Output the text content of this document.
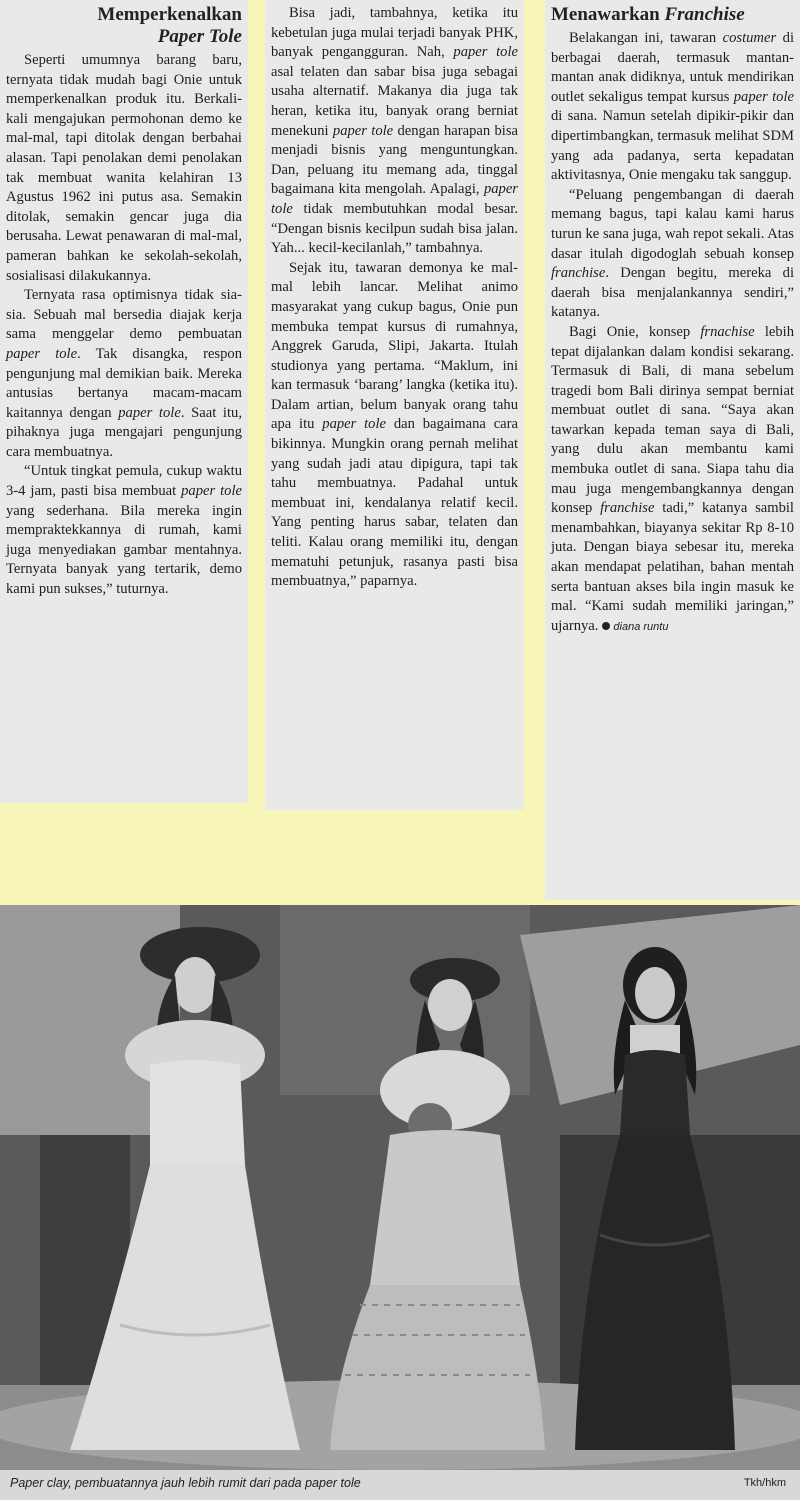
Memperkenalkan
Paper Tole

Seperti umumnya barang baru, ternyata tidak mudah bagi Onie untuk memperkenalkan produk itu. Berkali-kali mengajukan permohonan demo ke mal-mal, tapi ditolak dengan berbahai alasan. Tapi penolakan demi penolakan tak membuat wanita kelahiran 13 Agustus 1962 ini putus asa. Semakin ditolak, semakin gencar juga dia berusaha. Lewat penawaran di mal-mal, pameran bahkan ke sekolah-sekolah, sosialisasi dilakukannya.

Ternyata rasa optimisnya tidak sia-sia. Sebuah mal bersedia diajak kerja sama menggelar demo pembuatan paper tole. Tak disangka, respon pengunjung mal demikian baik. Mereka antusias bertanya macam-macam kaitannya dengan paper tole. Saat itu, pihaknya juga mengajari pengunjung cara membuatnya.

“Untuk tingkat pemula, cukup waktu 3-4 jam, pasti bisa membuat paper tole yang sederhana. Bila mereka ingin mempraktekkannya di rumah, kami juga menyediakan gambar mentahnya. Ternyata banyak yang tertarik, demo kami pun sukses,” tuturnya.

Bisa jadi, tambahnya, ketika itu kebetulan juga mulai terjadi banyak PHK, banyak pengangguran. Nah, paper tole asal telaten dan sabar bisa juga sebagai usaha alternatif. Makanya dia juga tak heran, ketika itu, banyak orang berniat menekuni paper tole dengan harapan bisa menjadi bisnis yang menguntungkan. Dan, peluang itu memang ada, tinggal bagaimana kita mengolah. Apalagi, paper tole tidak membutuhkan modal besar. “Dengan bisnis kecilpun sudah bisa jalan. Yah... kecil-kecilanlah,” tambahnya.

Sejak itu, tawaran demonya ke mal-mal lebih lancar. Melihat animo masyarakat yang cukup bagus, Onie pun membuka tempat kursus di rumahnya, Anggrek Garuda, Slipi, Jakarta. Itulah studionya yang pertama. “Maklum, ini kan termasuk ‘barang’ langka (ketika itu). Dalam artian, belum banyak orang tahu apa itu paper tole dan bagaimana cara bikinnya. Mungkin orang pernah melihat yang sudah jadi atau dipigura, tapi tak tahu membuatnya. Padahal untuk membuat ini, kendalanya relatif kecil. Yang penting harus sabar, telaten dan teliti. Kalau orang memiliki itu, dengan mematuhi petunjuk, rasanya pasti bisa membuatnya,” paparnya.

Menawarkan Franchise

Belakangan ini, tawaran costumer di berbagai daerah, termasuk mantan-mantan anak didiknya, untuk mendirikan outlet sekaligus tempat kursus paper tole di sana. Namun setelah dipikir-pikir dan dipertimbangkan, termasuk melihat SDM yang ada padanya, serta kepadatan aktivitasnya, Onie mengaku tak sanggup.

“Peluang pengembangan di daerah memang bagus, tapi kalau kami harus turun ke sana juga, wah repot sekali. Atas dasar itulah digodoglah sebuah konsep franchise. Dengan begitu, mereka di daerah bisa menjalankannya sendiri,” katanya.

Bagi Onie, konsep frnachise lebih tepat dijalankan dalam kondisi sekarang. Termasuk di Bali, di mana sebelum tragedi bom Bali dirinya sempat berniat membuat outlet di sana. “Saya akan tawarkan kepada teman saya di Bali, yang dulu akan membantu kami membuka outlet di sana. Siapa tahu dia mau juga mengembangkannya dengan konsep franchise tadi,” katanya sambil menambahkan, biayanya sekitar Rp 8-10 juta. Dengan biaya sebesar itu, mereka akan mendapat pelatihan, bahan mentah serta bantuan akses bila ingin masuk ke mal. “Kami sudah memiliki jaringan,” ujarnya. diana runtu

Paper clay, pembuatannya jauh lebih rumit dari pada paper tole	Tkh/hkm
